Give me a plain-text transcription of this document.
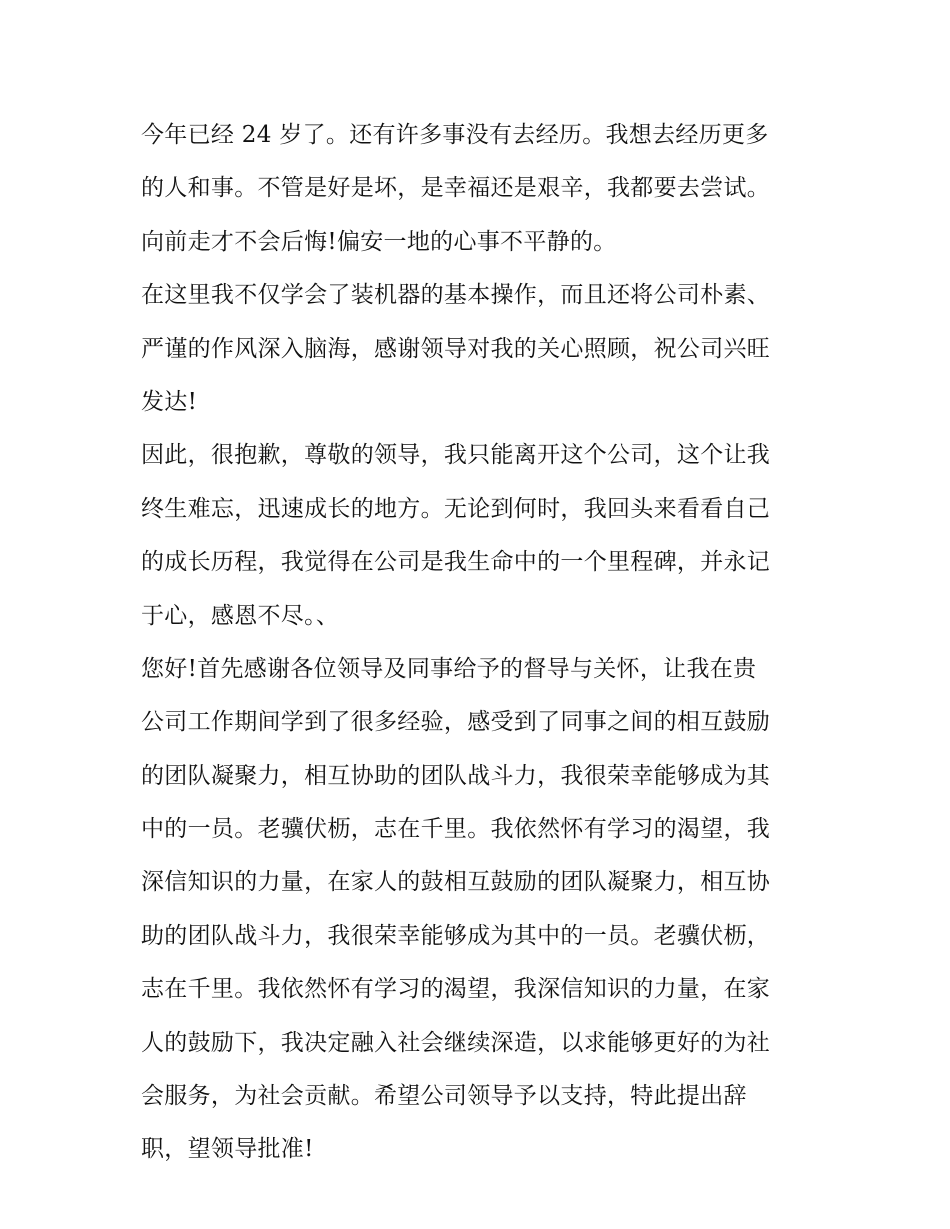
今年已经 24 岁了。还有许多事没有去经历。我想去经历更多
的人和事。不管是好是坏，是幸福还是艰辛，我都要去尝试。
向前走才不会后悔!偏安一地的心事不平静的。
在这里我不仅学会了装机器的基本操作，而且还将公司朴素、
严谨的作风深入脑海，感谢领导对我的关心照顾，祝公司兴旺
发达!
因此，很抱歉，尊敬的领导，我只能离开这个公司，这个让我
终生难忘，迅速成长的地方。无论到何时，我回头来看看自己
的成长历程，我觉得在公司是我生命中的一个里程碑，并永记
于心，感恩不尽。、
您好!首先感谢各位领导及同事给予的督导与关怀，让我在贵
公司工作期间学到了很多经验，感受到了同事之间的相互鼓励
的团队凝聚力，相互协助的团队战斗力，我很荣幸能够成为其
中的一员。老骥伏枥，志在千里。我依然怀有学习的渴望，我
深信知识的力量，在家人的鼓相互鼓励的团队凝聚力，相互协
助的团队战斗力，我很荣幸能够成为其中的一员。老骥伏枥，
志在千里。我依然怀有学习的渴望，我深信知识的力量，在家
人的鼓励下，我决定融入社会继续深造，以求能够更好的为社
会服务，为社会贡献。希望公司领导予以支持，特此提出辞
职，望领导批准!
